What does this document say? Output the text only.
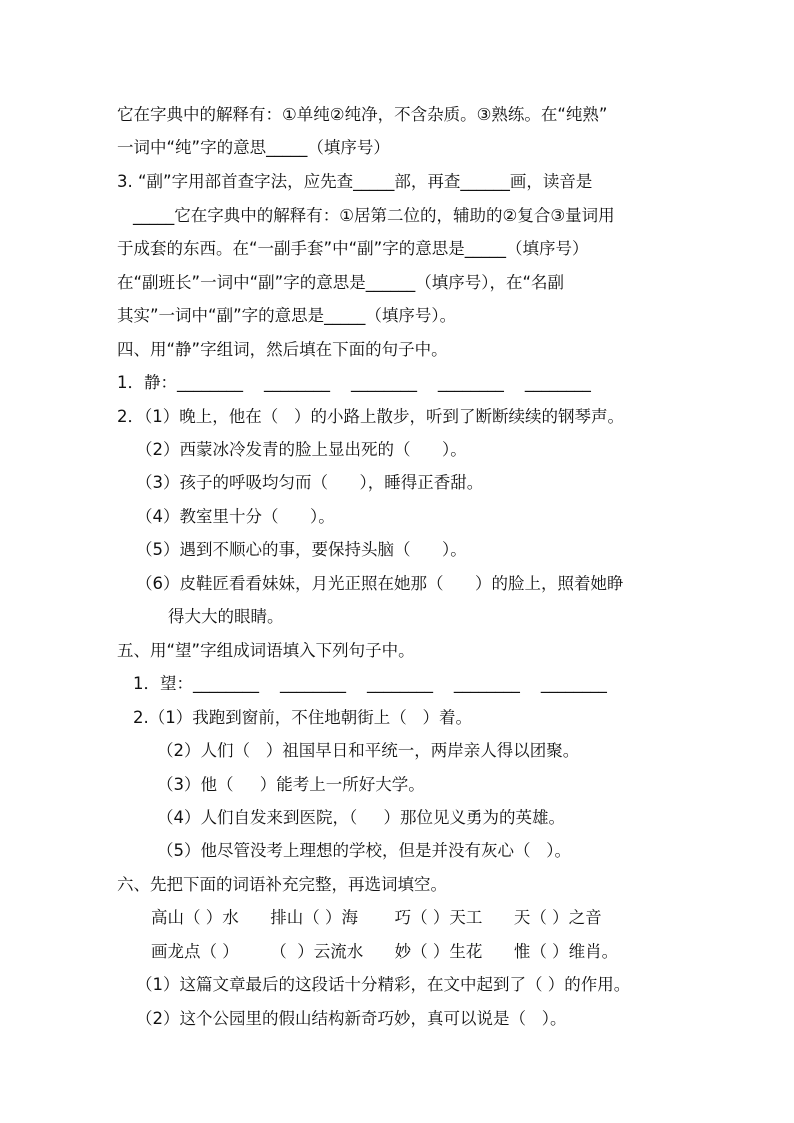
它在字典中的解释有：①单纯②纯净，不含杂质。③熟练。在“纯熟”
一词中“纯”字的意思_____（填序号）
3. “副”字用部首查字法，应先查_____部，再查______画，读音是
_____它在字典中的解释有：①居第二位的，辅助的②复合③量词用
于成套的东西。在“一副手套”中“副”字的意思是_____（填序号）
在“副班长”一词中“副”字的意思是______（填序号），在“名副
其实”一词中“副”字的意思是_____（填序号）。
四、用“静”字组词，然后填在下面的句子中。
1．静：________    ________    ________    ________    ________
2．（1）晚上，他在（   ）的小路上散步，听到了断断续续的钢琴声。
（2）西蒙冰冷发青的脸上显出死的（      ）。
（3）孩子的呼吸均匀而（      ），睡得正香甜。
（4）教室里十分（      ）。
（5）遇到不顺心的事，要保持头脑（      ）。
（6）皮鞋匠看看妹妹，月光正照在她那（      ）的脸上，照着她睁
得大大的眼睛。
五、用“望”字组成词语填入下列句子中。
1．望：________    ________    ________    ________    ________
2.（1）我跑到窗前，不住地朝街上（   ）着。
（2）人们（   ）祖国早日和平统一，两岸亲人得以团聚。
（3）他（     ）能考上一所好大学。
（4）人们自发来到医院，（     ）那位见义勇为的英雄。
（5）他尽管没考上理想的学校，但是并没有灰心（   ）。
六、先把下面的词语补充完整，再选词填空。
高山（ ）水      排山（ ）海       巧（ ）天工      天（ ）之音
画龙点（ ）      （  ）云流水      妙（ ）生花      惟（ ）维肖。
（1）这篇文章最后的这段话十分精彩，在文中起到了（ ）的作用。
（2）这个公园里的假山结构新奇巧妙，真可以说是（   ）。
